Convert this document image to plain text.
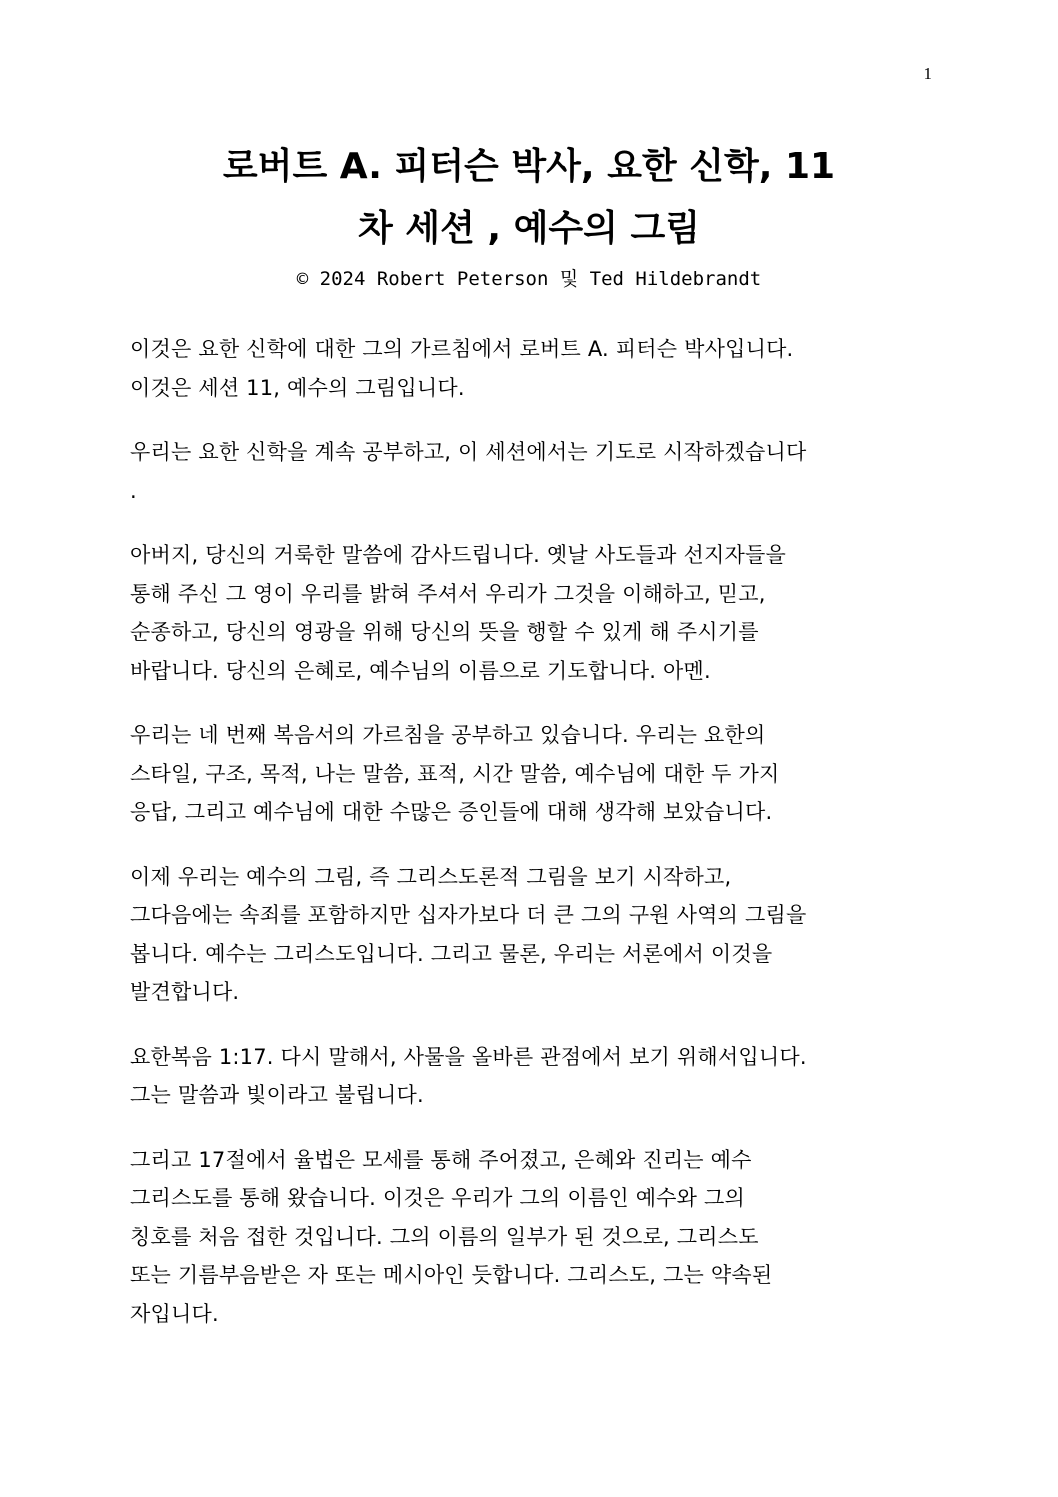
1
로버트 A. 피터슨 박사, 요한 신학, 11
차 세션 , 예수의 그림
© 2024 Robert Peterson 및 Ted Hildebrandt

이것은 요한 신학에 대한 그의 가르침에서 로버트 A. 피터슨 박사입니다.
이것은 세션 11, 예수의 그림입니다.

우리는 요한 신학을 계속 공부하고, 이 세션에서는 기도로 시작하겠습니다
.

아버지, 당신의 거룩한 말씀에 감사드립니다. 옛날 사도들과 선지자들을
통해 주신 그 영이 우리를 밝혀 주셔서 우리가 그것을 이해하고, 믿고,
순종하고, 당신의 영광을 위해 당신의 뜻을 행할 수 있게 해 주시기를
바랍니다. 당신의 은혜로, 예수님의 이름으로 기도합니다. 아멘.

우리는 네 번째 복음서의 가르침을 공부하고 있습니다. 우리는 요한의
스타일, 구조, 목적, 나는 말씀, 표적, 시간 말씀, 예수님에 대한 두 가지
응답, 그리고 예수님에 대한 수많은 증인들에 대해 생각해 보았습니다.

이제 우리는 예수의 그림, 즉 그리스도론적 그림을 보기 시작하고,
그다음에는 속죄를 포함하지만 십자가보다 더 큰 그의 구원 사역의 그림을
봅니다. 예수는 그리스도입니다. 그리고 물론, 우리는 서론에서 이것을
발견합니다.

요한복음 1:17. 다시 말해서, 사물을 올바른 관점에서 보기 위해서입니다.
그는 말씀과 빛이라고 불립니다.

그리고 17절에서 율법은 모세를 통해 주어졌고, 은혜와 진리는 예수
그리스도를 통해 왔습니다. 이것은 우리가 그의 이름인 예수와 그의
칭호를 처음 접한 것입니다. 그의 이름의 일부가 된 것으로, 그리스도
또는 기름부음받은 자 또는 메시아인 듯합니다. 그리스도, 그는 약속된
자입니다.
